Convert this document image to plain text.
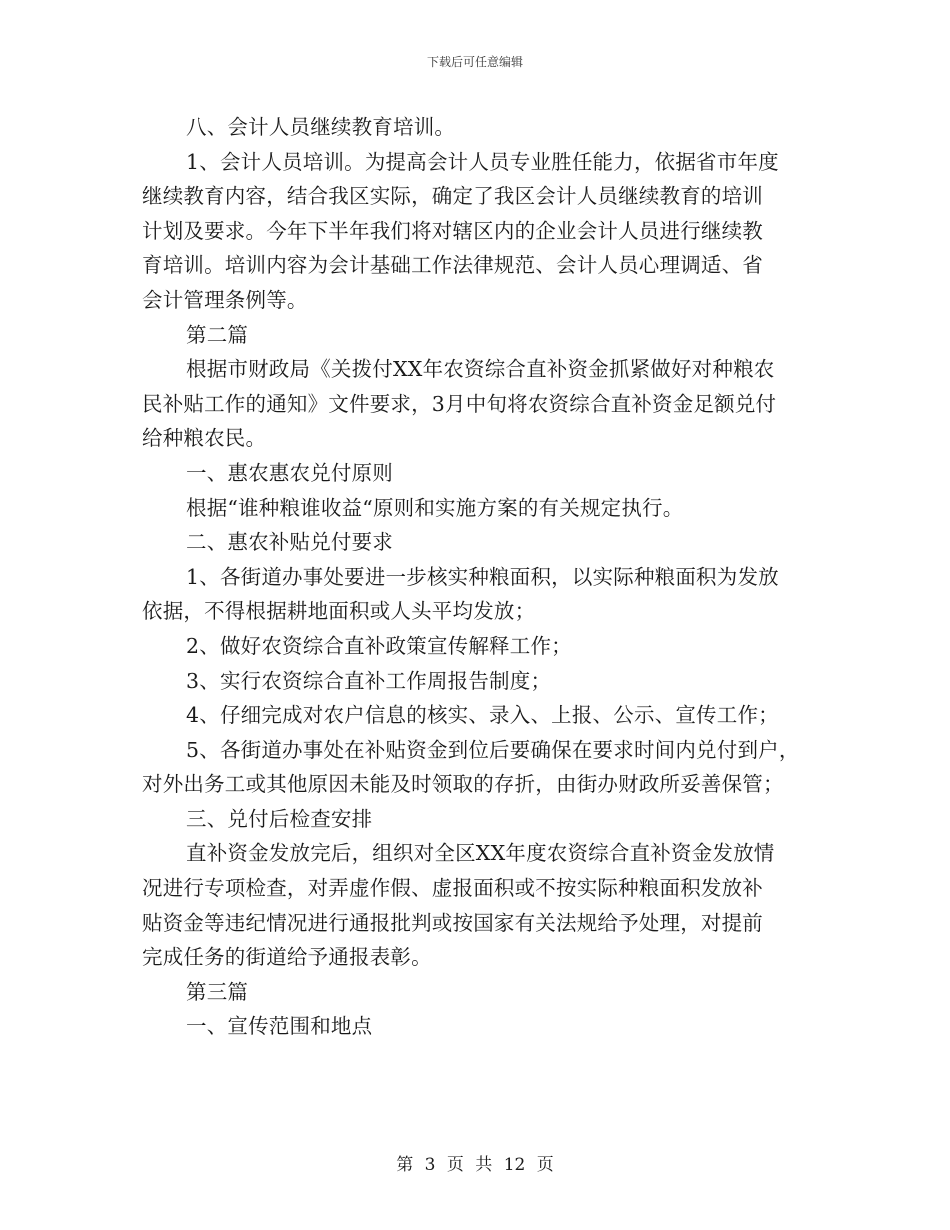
下载后可任意编辑
八、会计人员继续教育培训。
1、会计人员培训。为提高会计人员专业胜任能力，依据省市年度
继续教育内容，结合我区实际，确定了我区会计人员继续教育的培训
计划及要求。今年下半年我们将对辖区内的企业会计人员进行继续教
育培训。培训内容为会计基础工作法律规范、会计人员心理调适、省
会计管理条例等。
第二篇
根据市财政局《关拨付XX年农资综合直补资金抓紧做好对种粮农
民补贴工作的通知》文件要求，3月中旬将农资综合直补资金足额兑付
给种粮农民。
一、惠农惠农兑付原则
根据“谁种粮谁收益“原则和实施方案的有关规定执行。
二、惠农补贴兑付要求
1、各街道办事处要进一步核实种粮面积，以实际种粮面积为发放
依据，不得根据耕地面积或人头平均发放；
2、做好农资综合直补政策宣传解释工作；
3、实行农资综合直补工作周报告制度；
4、仔细完成对农户信息的核实、录入、上报、公示、宣传工作；
5、各街道办事处在补贴资金到位后要确保在要求时间内兑付到户，
对外出务工或其他原因未能及时领取的存折，由街办财政所妥善保管；
三、兑付后检查安排
直补资金发放完后，组织对全区XX年度农资综合直补资金发放情
况进行专项检查，对弄虚作假、虚报面积或不按实际种粮面积发放补
贴资金等违纪情况进行通报批判或按国家有关法规给予处理，对提前
完成任务的街道给予通报表彰。
第三篇
一、宣传范围和地点
第 3 页 共 12 页
